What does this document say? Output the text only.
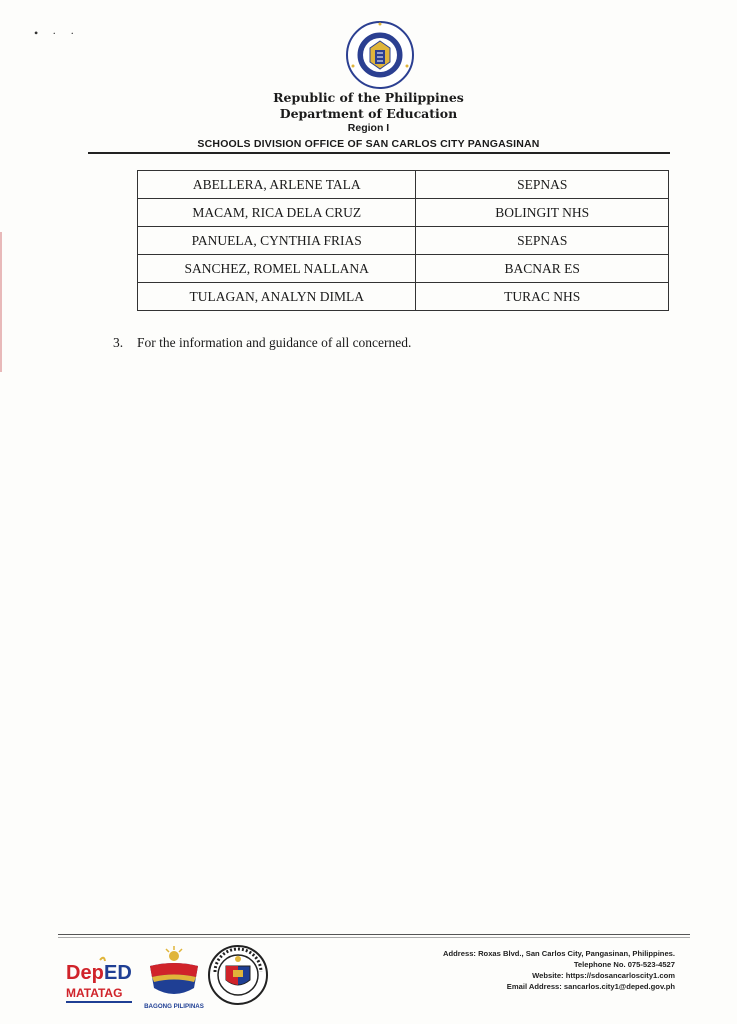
•··
Republic of the Philippines
Department of Education
Region I
SCHOOLS DIVISION OFFICE OF SAN CARLOS CITY PANGASINAN
ABELLERA, ARLENE TALA	SEPNAS
MACAM, RICA DELA CRUZ	BOLINGIT NHS
PANUELA, CYNTHIA FRIAS	SEPNAS
SANCHEZ, ROMEL NALLANA	BACNAR ES
TULAGAN, ANALYN DIMLA	TURAC NHS
3. For the information and guidance of all concerned.
Dep ED
MATATAG
BAGONG PILIPINAS
Address: Roxas Blvd., San Carlos City, Pangasinan, Philippines.
Telephone No. 075-523-4527
Website: https://sdosancarloscity1.com
Email Address: sancarlos.city1@deped.gov.ph
